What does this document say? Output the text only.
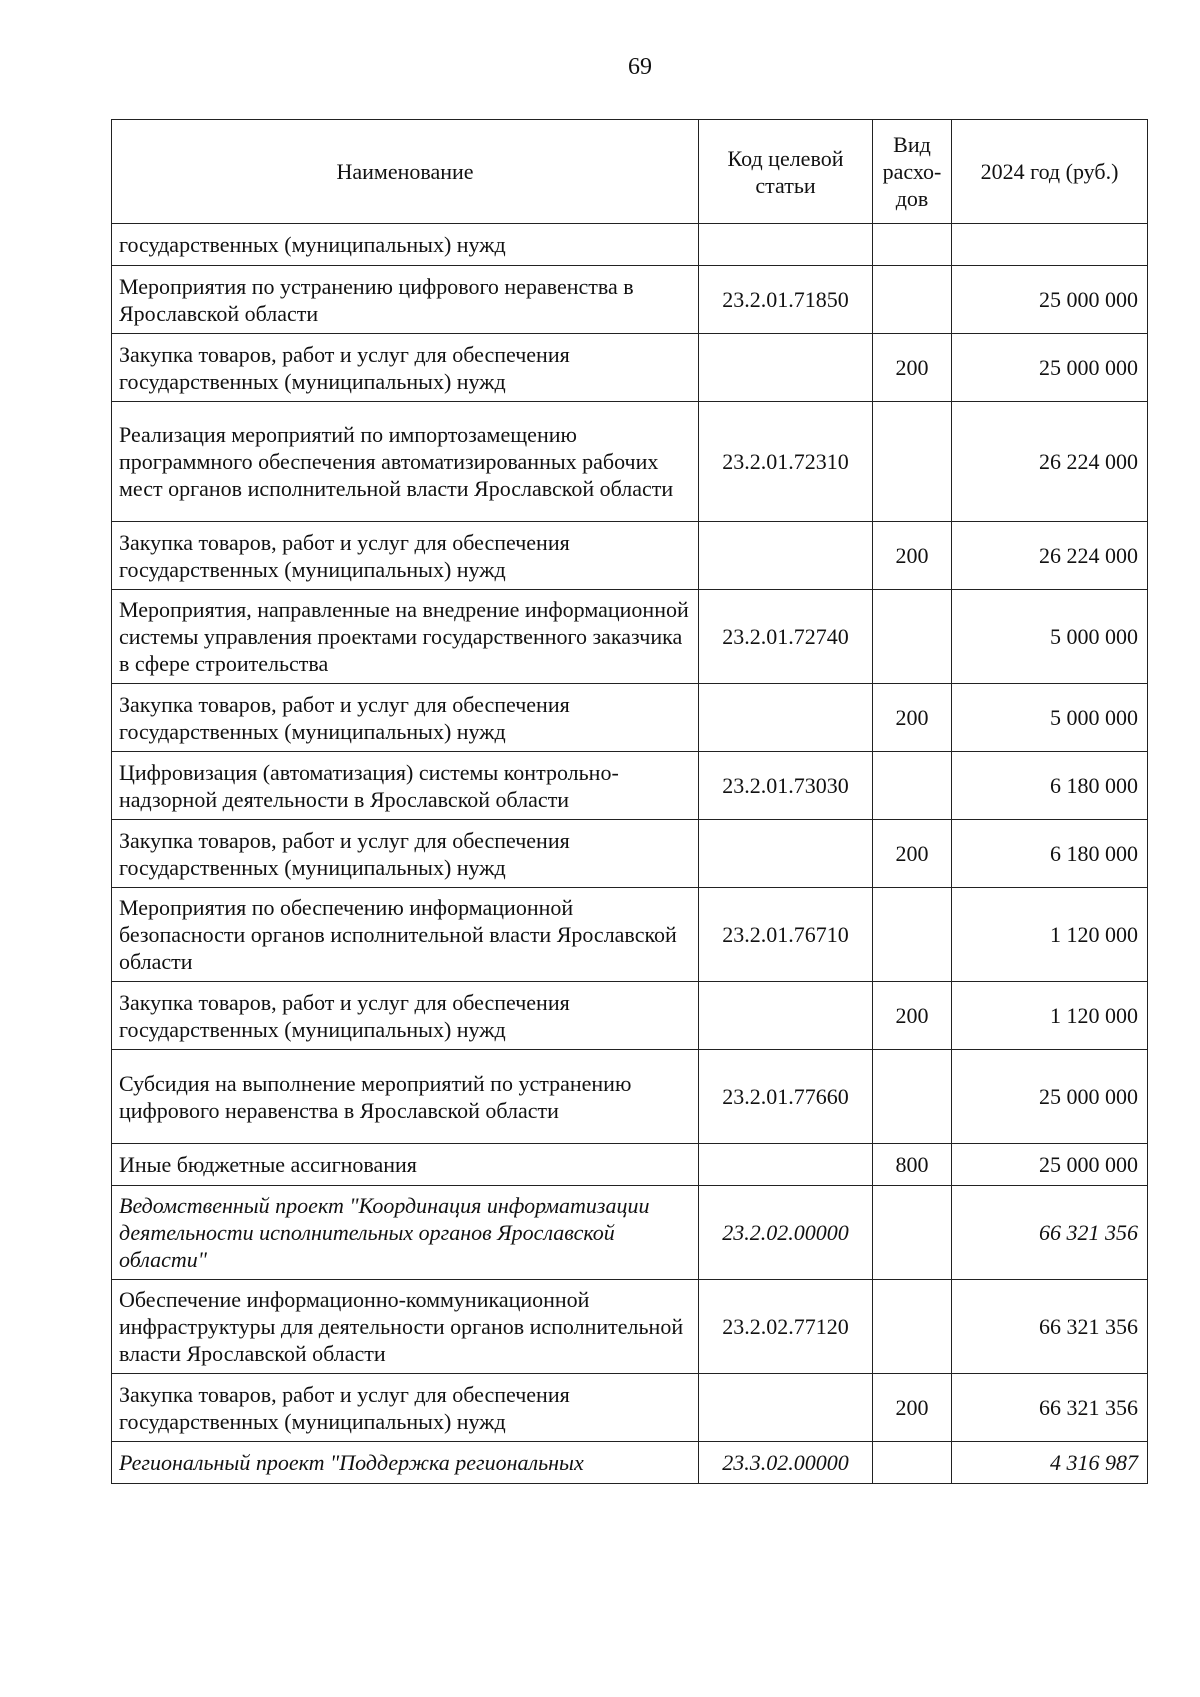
69
Наименование	Код целевой статьи	Вид расхо-дов	2024 год (руб.)
государственных (муниципальных) нужд			
Мероприятия по устранению цифрового неравенства в Ярославской области	23.2.01.71850		25 000 000
Закупка товаров, работ и услуг для обеспечения государственных (муниципальных) нужд		200	25 000 000
Реализация мероприятий по импортозамещению программного обеспечения автоматизированных рабочих мест органов исполнительной власти Ярославской области	23.2.01.72310		26 224 000
Закупка товаров, работ и услуг для обеспечения государственных (муниципальных) нужд		200	26 224 000
Мероприятия, направленные на внедрение информационной системы управления проектами государственного заказчика в сфере строительства	23.2.01.72740		5 000 000
Закупка товаров, работ и услуг для обеспечения государственных (муниципальных) нужд		200	5 000 000
Цифровизация (автоматизация) системы контрольно-надзорной деятельности в Ярославской области	23.2.01.73030		6 180 000
Закупка товаров, работ и услуг для обеспечения государственных (муниципальных) нужд		200	6 180 000
Мероприятия по обеспечению информационной безопасности органов исполнительной власти Ярославской области	23.2.01.76710		1 120 000
Закупка товаров, работ и услуг для обеспечения государственных (муниципальных) нужд		200	1 120 000
Субсидия на выполнение мероприятий по устранению цифрового неравенства в Ярославской области	23.2.01.77660		25 000 000
Иные бюджетные ассигнования		800	25 000 000
Ведомственный проект "Координация информатизации деятельности исполнительных органов Ярославской области"	23.2.02.00000		66 321 356
Обеспечение информационно-коммуникационной инфраструктуры для деятельности органов исполнительной власти Ярославской области	23.2.02.77120		66 321 356
Закупка товаров, работ и услуг для обеспечения государственных (муниципальных) нужд		200	66 321 356
Региональный проект "Поддержка региональных	23.3.02.00000		4 316 987
